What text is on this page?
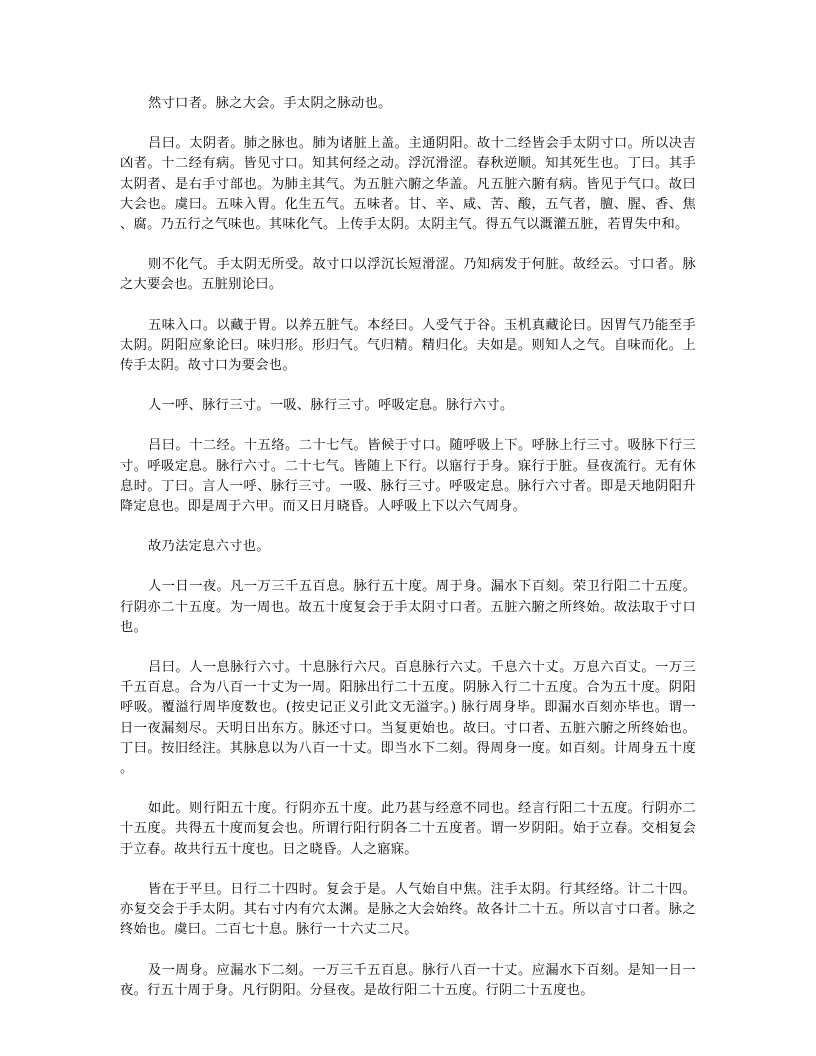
然寸口者。脉之大会。手太阴之脉动也。

吕曰。太阴者。肺之脉也。肺为诸脏上盖。主通阴阳。故十二经皆会手太阴寸口。所以决吉凶者。十二经有病。皆见寸口。知其何经之动。浮沉滑涩。春秋逆顺。知其死生也。丁曰。其手太阴者、是右手寸部也。为肺主其气。为五脏六腑之华盖。凡五脏六腑有病。皆见于气口。故曰大会也。虞曰。五味入胃。化生五气。五味者。甘、辛、咸、苦、酸，五气者，膻、腥、香、焦、腐。乃五行之气味也。其味化气。上传手太阴。太阴主气。得五气以溉灌五脏，若胃失中和。

则不化气。手太阴无所受。故寸口以浮沉长短滑涩。乃知病发于何脏。故经云。寸口者。脉之大要会也。五脏别论曰。

五味入口。以藏于胃。以养五脏气。本经曰。人受气于谷。玉机真藏论曰。因胃气乃能至手太阴。阴阳应象论曰。味归形。形归气。气归精。精归化。夫如是。则知人之气。自味而化。上传手太阴。故寸口为要会也。

人一呼、脉行三寸。一吸、脉行三寸。呼吸定息。脉行六寸。

吕曰。十二经。十五络。二十七气。皆候于寸口。随呼吸上下。呼脉上行三寸。吸脉下行三寸。呼吸定息。脉行六寸。二十七气。皆随上下行。以寤行于身。寐行于脏。昼夜流行。无有休息时。丁曰。言人一呼、脉行三寸。一吸、脉行三寸。呼吸定息。脉行六寸者。即是天地阴阳升降定息也。即是周于六甲。而又日月晓昏。人呼吸上下以六气周身。

故乃法定息六寸也。

人一日一夜。凡一万三千五百息。脉行五十度。周于身。漏水下百刻。荣卫行阳二十五度。行阴亦二十五度。为一周也。故五十度复会于手太阴寸口者。五脏六腑之所终始。故法取于寸口也。

吕曰。人一息脉行六寸。十息脉行六尺。百息脉行六丈。千息六十丈。万息六百丈。一万三千五百息。合为八百一十丈为一周。阳脉出行二十五度。阴脉入行二十五度。合为五十度。阴阳呼吸。覆溢行周毕度数也。(按史记正义引此文无溢字。) 脉行周身毕。即漏水百刻亦毕也。谓一日一夜漏刻尽。天明日出东方。脉还寸口。当复更始也。故曰。寸口者、五脏六腑之所终始也。丁曰。按旧经注。其脉息以为八百一十丈。即当水下二刻。得周身一度。如百刻。计周身五十度。

如此。则行阳五十度。行阴亦五十度。此乃甚与经意不同也。经言行阳二十五度。行阴亦二十五度。共得五十度而复会也。所谓行阳行阴各二十五度者。谓一岁阴阳。始于立春。交相复会于立春。故共行五十度也。日之晓昏。人之寤寐。

皆在于平旦。日行二十四时。复会于是。人气始自中焦。注手太阴。行其经络。计二十四。亦复交会于手太阴。其右寸内有穴太渊。是脉之大会始终。故各计二十五。所以言寸口者。脉之终始也。虞曰。二百七十息。脉行一十六丈二尺。

及一周身。应漏水下二刻。一万三千五百息。脉行八百一十丈。应漏水下百刻。是知一日一夜。行五十周于身。凡行阴阳。分昼夜。是故行阳二十五度。行阴二十五度也。
